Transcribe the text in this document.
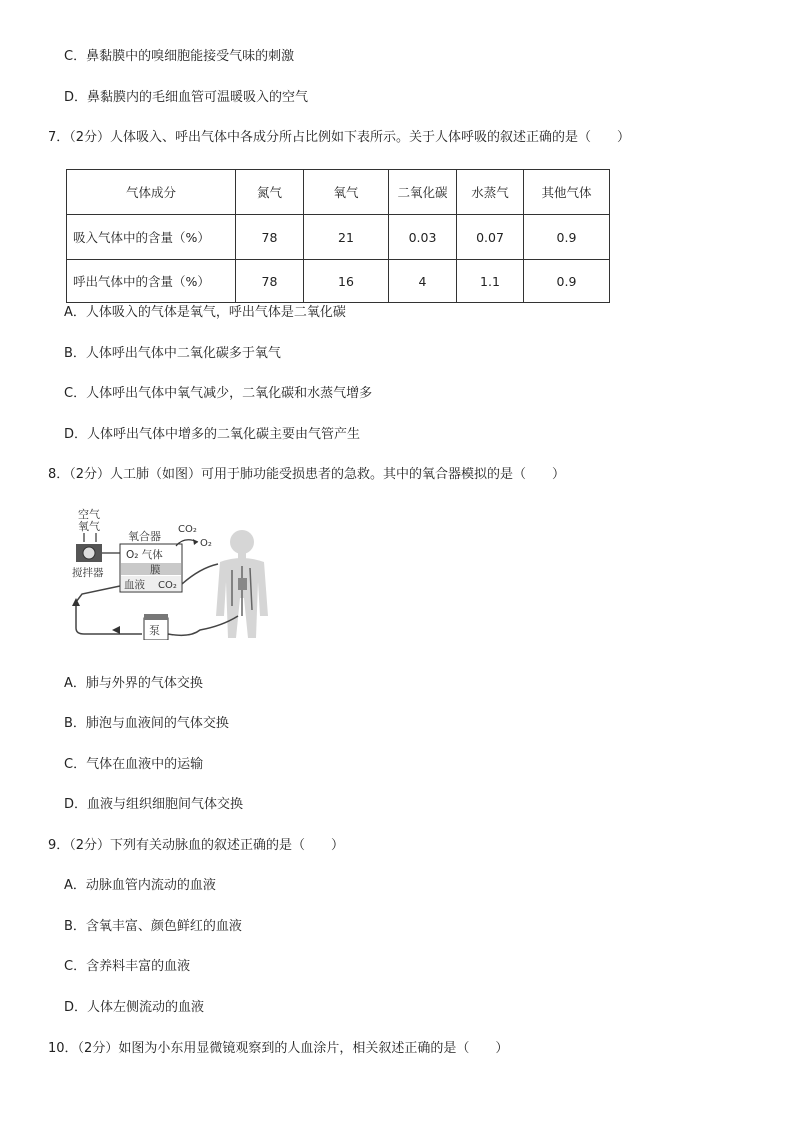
C．鼻黏膜中的嗅细胞能接受气味的刺激
D．鼻黏膜内的毛细血管可温暖吸入的空气
7．（2分）人体吸入、呼出气体中各成分所占比例如下表所示。关于人体呼吸的叙述正确的是（　　）
气体成分	氮气	氧气	二氧化碳	水蒸气	其他气体
吸入气体中的含量（%）	78	21	0.03	0.07	0.9
呼出气体中的含量（%）	78	16	4	1.1	0.9
A．人体吸入的气体是氧气，呼出气体是二氧化碳
B．人体呼出气体中二氧化碳多于氧气
C．人体呼出气体中氧气减少，二氧化碳和水蒸气增多
D．人体呼出气体中增多的二氧化碳主要由气管产生
8．（2分）人工肺（如图）可用于肺功能受损患者的急救。其中的氧合器模拟的是（　　）
空气
氧气
搅拌器
氧合器
O₂ 气体
膜
血液 CO₂
CO₂
O₂
泵
A．肺与外界的气体交换
B．肺泡与血液间的气体交换
C．气体在血液中的运输
D．血液与组织细胞间气体交换
9．（2分）下列有关动脉血的叙述正确的是（　　）
A．动脉血管内流动的血液
B．含氧丰富、颜色鲜红的血液
C．含养料丰富的血液
D．人体左侧流动的血液
10．（2分）如图为小东用显微镜观察到的人血涂片，相关叙述正确的是（　　）
